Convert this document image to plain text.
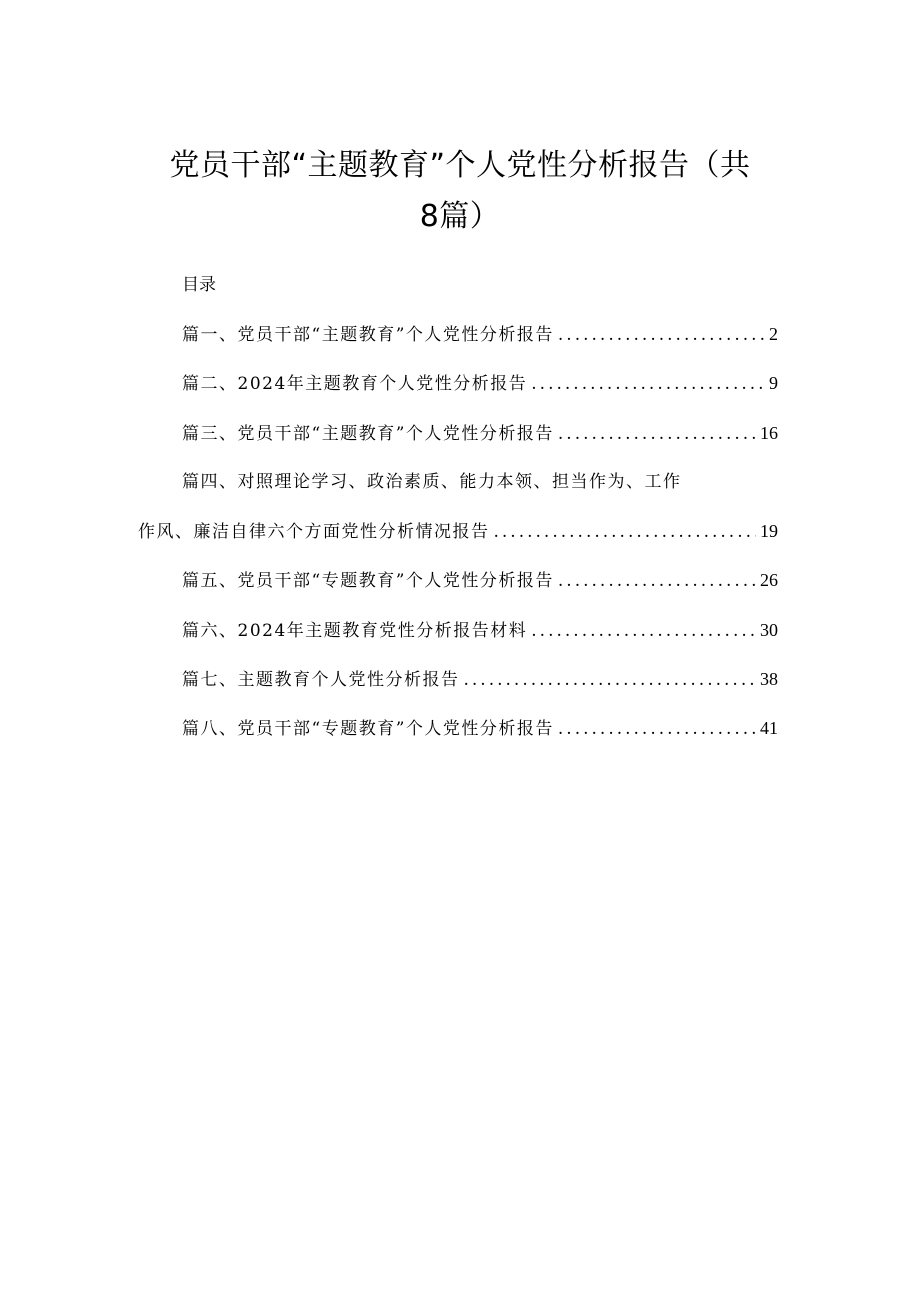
党员干部“主题教育”个人党性分析报告（共
8篇）
目录
篇一、党员干部“主题教育”个人党性分析报告 .....	2
篇二、2024年主题教育个人党性分析报告 .....	9
篇三、党员干部“主题教育”个人党性分析报告 .....	16
篇四、对照理论学习、政治素质、能力本领、担当作为、工作
作风、廉洁自律六个方面党性分析情况报告 .....	19
篇五、党员干部“专题教育”个人党性分析报告 .....	26
篇六、2024年主题教育党性分析报告材料 .....	30
篇七、主题教育个人党性分析报告 .....	38
篇八、党员干部“专题教育”个人党性分析报告 .....	41
